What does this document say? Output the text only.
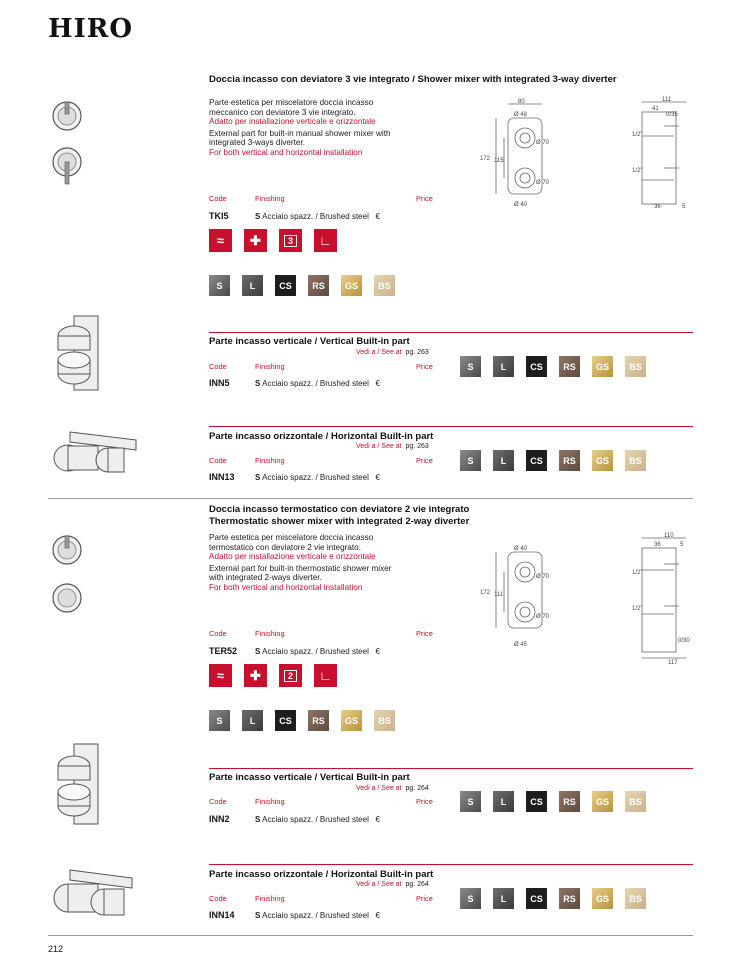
HIRO
Doccia incasso con deviatore 3 vie integrato / Shower mixer with integrated 3-way diverter
Parte estetica per miscelatore doccia incasso
meccanico con deviatore 3 vie integrato.
Adatto per installazione verticale e orizzontale
External part for built-in manual shower mixer with
integrated 3-ways diverter.
For both vertical and horizontal installation
80
Ø 48
Ø 70
Ø 70
Ø 40
172 115
111
41
0/35
1/2"
1/2"
36	5
Code	Finishing	Price
TKI5	S Acciaio spazz. / Brushed steel €
≈	✚	3	∟
S	L	CS	RS	GS	BS
Parte incasso verticale / Vertical Built-in part
Vedi a / See at pg. 263
Code	Finishing	Price
INN5	S Acciaio spazz. / Brushed steel €
S	L	CS	RS	GS	BS
Parte incasso orizzontale / Horizontal Built-in part
Vedi a / See at pg. 263
Code	Finishing	Price
INN13	S Acciaio spazz. / Brushed steel €
S	L	CS	RS	GS	BS
Doccia incasso termostatico con deviatore 2 vie integrato
Thermostatic shower mixer with integrated 2-way diverter
Parte estetica per miscelatore doccia incasso
termostatico con deviatore 2 vie integrato.
Adatto per installazione verticale e orizzontale
External part for built-in thermostatic shower mixer
with integrated 2-ways diverter.
For both vertical and horizontal installation
Ø 40
Ø 70
Ø 70
Ø 45
172 111
110
36	5
1/2"
1/2"
0/30
117
Code	Finishing	Price
TER52 S Acciaio spazz. / Brushed steel €
≈	✚	2	∟
S	L	CS	RS	GS	BS
Parte incasso verticale / Vertical Built-in part
Vedi a / See at pg. 264
Code	Finishing	Price
INN2	S Acciaio spazz. / Brushed steel €
S	L	CS	RS	GS	BS
Parte incasso orizzontale / Horizontal Built-in part
Vedi a / See at pg. 264
Code	Finishing	Price
INN14	S Acciaio spazz. / Brushed steel €
S	L	CS	RS	GS	BS
212
